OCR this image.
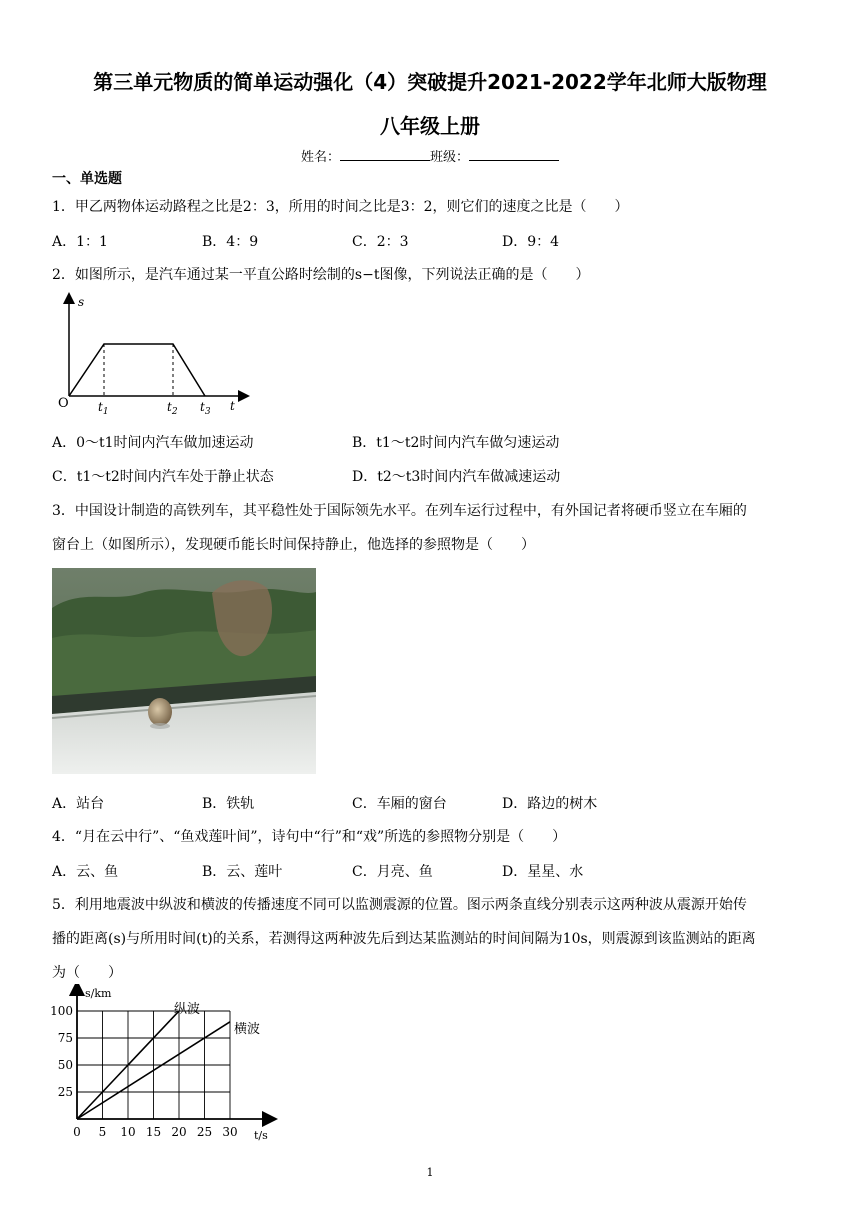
第三单元物质的简单运动强化（4）突破提升2021-2022学年北师大版物理
八年级上册
姓名：	班级：
一、单选题
1．甲乙两物体运动路程之比是2：3，所用的时间之比是3：2，则它们的速度之比是（　　）
A．1：1	B．4：9	C．2：3	D．9：4
2．如图所示，是汽车通过某一平直公路时绘制的s−t图像，下列说法正确的是（　　）
s
t
O $t_1$	$t_2$ $t_3$
A．0～t1时间内汽车做加速运动	B．t1～t2时间内汽车做匀速运动
C．t1～t2时间内汽车处于静止状态	D．t2～t3时间内汽车做减速运动
3．中国设计制造的高铁列车，其平稳性处于国际领先水平。在列车运行过程中，有外国记者将硬币竖立在车厢的
窗台上（如图所示），发现硬币能长时间保持静止，他选择的参照物是（　　）
A．站台	B．铁轨	C．车厢的窗台	D．路边的树木
4．“月在云中行”、“鱼戏莲叶间”，诗句中“行”和“戏”所选的参照物分别是（　　）
A．云、鱼	B．云、莲叶	C．月亮、鱼	D．星星、水
5．利用地震波中纵波和横波的传播速度不同可以监测震源的位置。图示两条直线分别表示这两种波从震源开始传
播的距离(s)与所用时间(t)的关系，若测得这两种波先后到达某监测站的时间间隔为10s，则震源到该监测站的距离
为（　　）
0 5 10 15 20 25 30
25
50
75
100
s/km
t/s
纵波
横波
1
